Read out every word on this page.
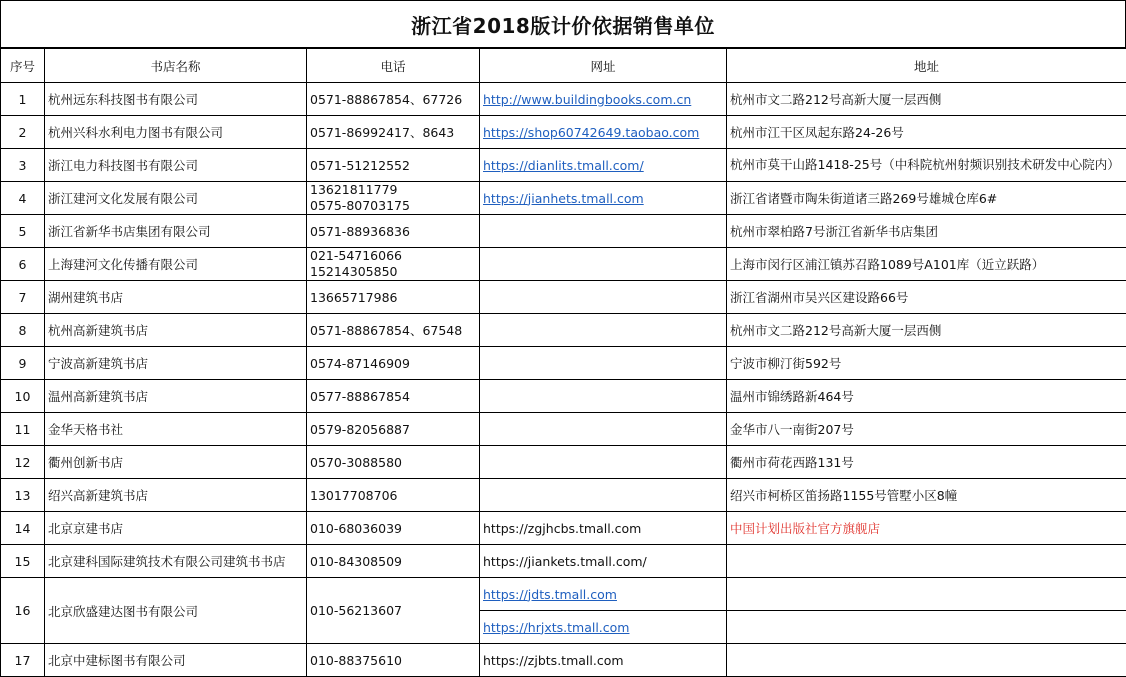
浙江省2018版计价依据销售单位
序号	书店名称	电话	网址	地址
1	杭州远东科技图书有限公司	0571-88867854、67726	http://www.buildingbooks.com.cn	杭州市文二路212号高新大厦一层西侧
2	杭州兴科水利电力图书有限公司	0571-86992417、8643	https://shop60742649.taobao.com	杭州市江干区凤起东路24-26号
3	浙江电力科技图书有限公司	0571-51212552	https://dianlits.tmall.com/	杭州市莫干山路1418-25号（中科院杭州射频识别技术研发中心院内）
4	浙江建河文化发展有限公司	13621811779
0575-80703175	https://jianhets.tmall.com	浙江省诸暨市陶朱街道诸三路269号雄城仓库6#
5	浙江省新华书店集团有限公司	0571-88936836		杭州市翠柏路7号浙江省新华书店集团
6	上海建河文化传播有限公司	021-54716066
15214305850		上海市闵行区浦江镇苏召路1089号A101库（近立跃路）
7	湖州建筑书店	13665717986		浙江省湖州市吴兴区建设路66号
8	杭州高新建筑书店	0571-88867854、67548		杭州市文二路212号高新大厦一层西侧
9	宁波高新建筑书店	0574-87146909		宁波市柳汀街592号
10	温州高新建筑书店	0577-88867854		温州市锦绣路新464号
11	金华天格书社	0579-82056887		金华市八一南街207号
12	衢州创新书店	0570-3088580		衢州市荷花西路131号
13	绍兴高新建筑书店	13017708706		绍兴市柯桥区笛扬路1155号管墅小区8幢
14	北京京建书店	010-68036039	https://zgjhcbs.tmall.com	中国计划出版社官方旗舰店
15	北京建科国际建筑技术有限公司建筑书书店	010-84308509	https://jiankets.tmall.com/	
16	北京欣盛建达图书有限公司	010-56213607	https://jdts.tmall.com	
			https://hrjxts.tmall.com	
17	北京中建标图书有限公司	010-88375610	https://zjbts.tmall.com	
